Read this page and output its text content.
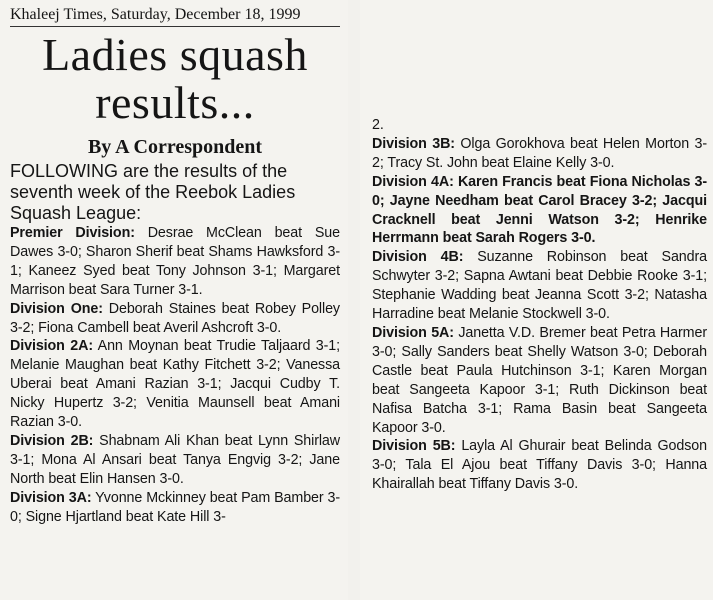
Khaleej Times, Saturday, December 18, 1999
Ladies squash
results...
By A Correspondent

FOLLOWING are the results of the seventh week of the Reebok Ladies Squash League:

Premier Division: Desrae McClean beat Sue Dawes 3-0; Sharon Sherif beat Shams Hawksford 3-1; Kaneez Syed beat Tony Johnson 3-1; Margaret Marrison beat Sara Turner 3-1.

Division One: Deborah Staines beat Robey Polley 3-2; Fiona Cambell beat Averil Ashcroft 3-0.

Division 2A: Ann Moynan beat Trudie Taljaard 3-1; Melanie Maughan beat Kathy Fitchett 3-2; Vanessa Uberai beat Amani Razian 3-1; Jacqui Cudby T. Nicky Hupertz 3-2; Venitia Maunsell beat Amani Razian 3-0.

Division 2B: Shabnam Ali Khan beat Lynn Shirlaw 3-1; Mona Al Ansari beat Tanya Engvig 3-2; Jane North beat Elin Hansen 3-0.

Division 3A: Yvonne Mckinney beat Pam Bamber 3-0; Signe Hjartland beat Kate Hill 3-

2.

Division 3B: Olga Gorokhova beat Helen Morton 3-2; Tracy St. John beat Elaine Kelly 3-0.

Division 4A: Karen Francis beat Fiona Nicholas 3-0; Jayne Needham beat Carol Bracey 3-2; Jacqui Cracknell beat Jenni Watson 3-2; Henrike Herrmann beat Sarah Rogers 3-0.

Division 4B: Suzanne Robinson beat Sandra Schwyter 3-2; Sapna Awtani beat Debbie Rooke 3-1; Stephanie Wadding beat Jeanna Scott 3-2; Natasha Harradine beat Melanie Stockwell 3-0.

Division 5A: Janetta V.D. Bremer beat Petra Harmer 3-0; Sally Sanders beat Shelly Watson 3-0; Deborah Castle beat Paula Hutchinson 3-1; Karen Morgan beat Sangeeta Kapoor 3-1; Ruth Dickinson beat Nafisa Batcha 3-1; Rama Basin beat Sangeeta Kapoor 3-0.

Division 5B: Layla Al Ghurair beat Belinda Godson 3-0; Tala El Ajou beat Tiffany Davis 3-0; Hanna Khairallah beat Tiffany Davis 3-0.
